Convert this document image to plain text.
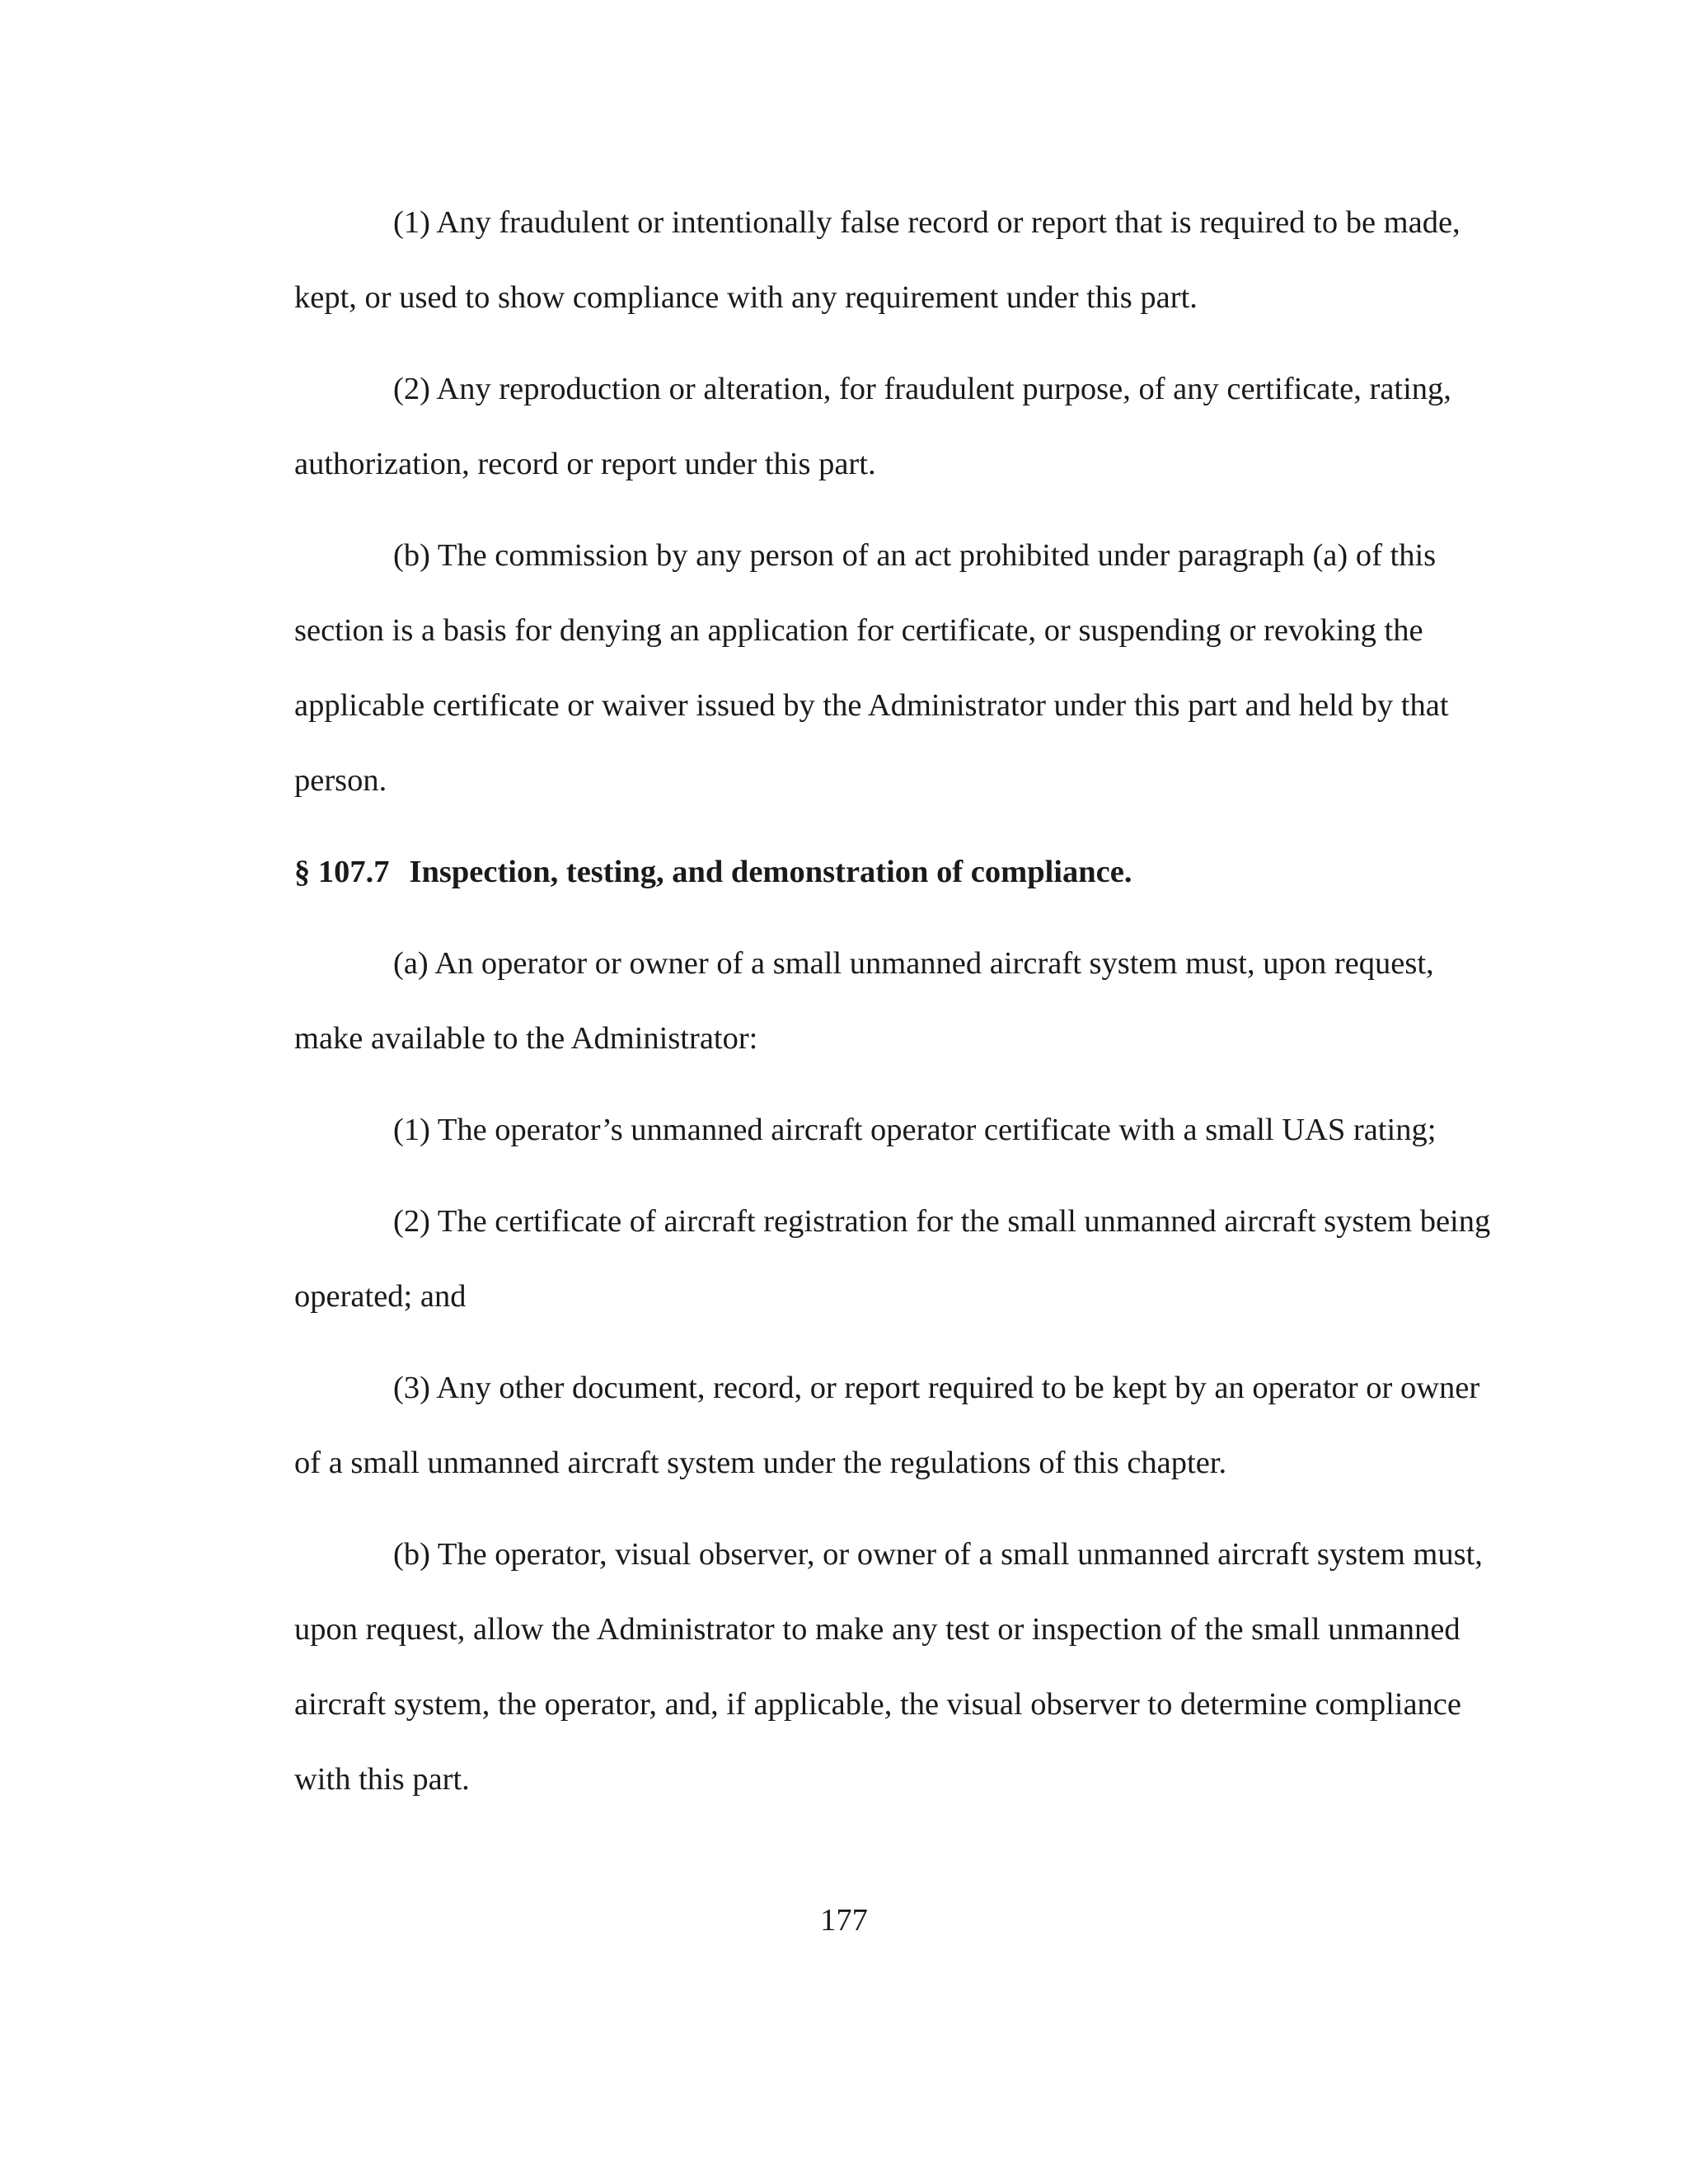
(1) Any fraudulent or intentionally false record or report that is required to be made, kept, or used to show compliance with any requirement under this part.

(2) Any reproduction or alteration, for fraudulent purpose, of any certificate, rating, authorization, record or report under this part.

(b) The commission by any person of an act prohibited under paragraph (a) of this section is a basis for denying an application for certificate, or suspending or revoking the applicable certificate or waiver issued by the Administrator under this part and held by that person.

§ 107.7 Inspection, testing, and demonstration of compliance.

(a) An operator or owner of a small unmanned aircraft system must, upon request, make available to the Administrator:

(1) The operator’s unmanned aircraft operator certificate with a small UAS rating;

(2) The certificate of aircraft registration for the small unmanned aircraft system being operated; and

(3) Any other document, record, or report required to be kept by an operator or owner of a small unmanned aircraft system under the regulations of this chapter.

(b) The operator, visual observer, or owner of a small unmanned aircraft system must, upon request, allow the Administrator to make any test or inspection of the small unmanned aircraft system, the operator, and, if applicable, the visual observer to determine compliance with this part.

177
